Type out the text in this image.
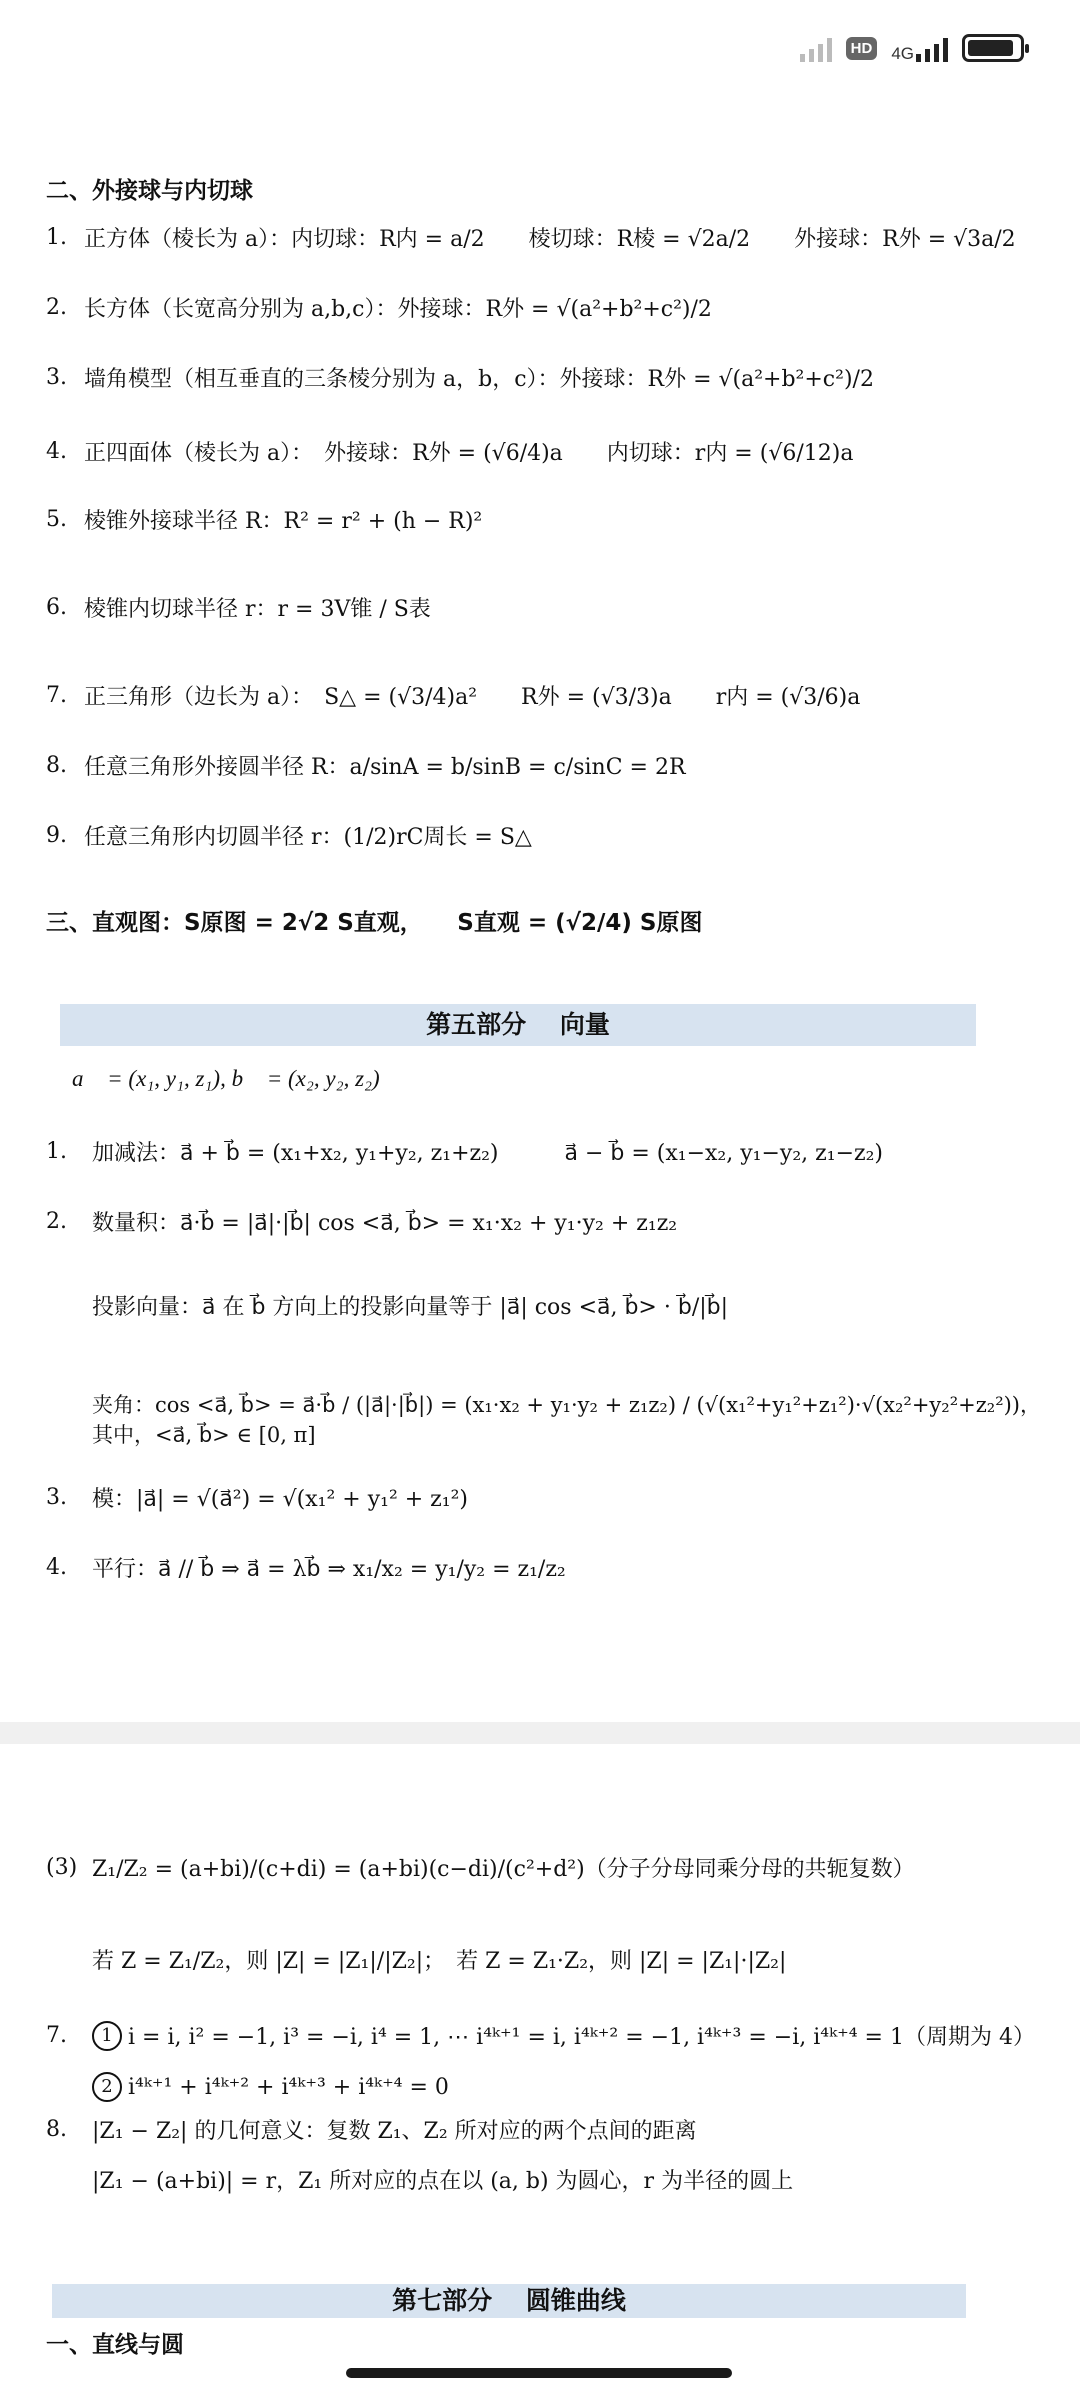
HD 4G
二、外接球与内切球
1. 正方体（棱长为 a）：内切球：R内 = a/2　　棱切球：R棱 = √2a/2　　外接球：R外 = √3a/2
2. 长方体（长宽高分别为 a,b,c）：外接球：R外 = √(a²+b²+c²)/2
3. 墙角模型（相互垂直的三条棱分别为 a，b，c）：外接球：R外 = √(a²+b²+c²)/2
4. 正四面体（棱长为 a）：　外接球：R外 = (√6/4)a　　内切球：r内 = (√6/12)a
5. 棱锥外接球半径 R：R² = r² + (h − R)²
6. 棱锥内切球半径 r：r = 3V锥 / S表
7. 正三角形（边长为 a）：　S△ = (√3/4)a²　　R外 = (√3/3)a　　r内 = (√3/6)a
8. 任意三角形外接圆半径 R：a/sinA = b/sinB = c/sinC = 2R
9. 任意三角形内切圆半径 r：(1/2)rC周长 = S△
三、直观图：S原图 = 2√2 S直观，　　S直观 = (√2/4) S原图
第五部分　 向量
a⃗ = (x₁, y₁, z₁), b⃗ = (x₂, y₂, z₂)
1.	加减法：a⃗ + b⃗ = (x₁+x₂, y₁+y₂, z₁+z₂)　　　a⃗ − b⃗ = (x₁−x₂, y₁−y₂, z₁−z₂)
2.	数量积：a⃗·b⃗ = |a⃗|·|b⃗| cos <a⃗, b⃗> = x₁·x₂ + y₁·y₂ + z₁z₂
投影向量：a⃗ 在 b⃗ 方向上的投影向量等于 |a⃗| cos <a⃗, b⃗> · b⃗/|b⃗|
夹角：cos <a⃗, b⃗> = a⃗·b⃗ / (|a⃗|·|b⃗|) = (x₁·x₂ + y₁·y₂ + z₁z₂) / (√(x₁²+y₁²+z₁²)·√(x₂²+y₂²+z₂²))，其中，<a⃗, b⃗> ∈ [0, π]
3.	模：|a⃗| = √(a⃗²) = √(x₁² + y₁² + z₁²)
4.	平行：a⃗ // b⃗ ⇒ a⃗ = λb⃗ ⇒ x₁/x₂ = y₁/y₂ = z₁/z₂
(3) Z₁/Z₂ = (a+bi)/(c+di) = (a+bi)(c−di)/(c²+d²)（分子分母同乘分母的共轭复数）
若 Z = Z₁/Z₂，则 |Z| = |Z₁|/|Z₂|；　若 Z = Z₁·Z₂，则 |Z| = |Z₁|·|Z₂|
7.	1 i = i, i² = −1, i³ = −i, i⁴ = 1, ⋯ i⁴ᵏ⁺¹ = i, i⁴ᵏ⁺² = −1, i⁴ᵏ⁺³ = −i, i⁴ᵏ⁺⁴ = 1（周期为 4）
2 i⁴ᵏ⁺¹ + i⁴ᵏ⁺² + i⁴ᵏ⁺³ + i⁴ᵏ⁺⁴ = 0
8.	|Z₁ − Z₂| 的几何意义：复数 Z₁、Z₂ 所对应的两个点间的距离
|Z₁ − (a+bi)| = r，Z₁ 所对应的点在以 (a, b) 为圆心，r 为半径的圆上
第七部分　 圆锥曲线
一、直线与圆
